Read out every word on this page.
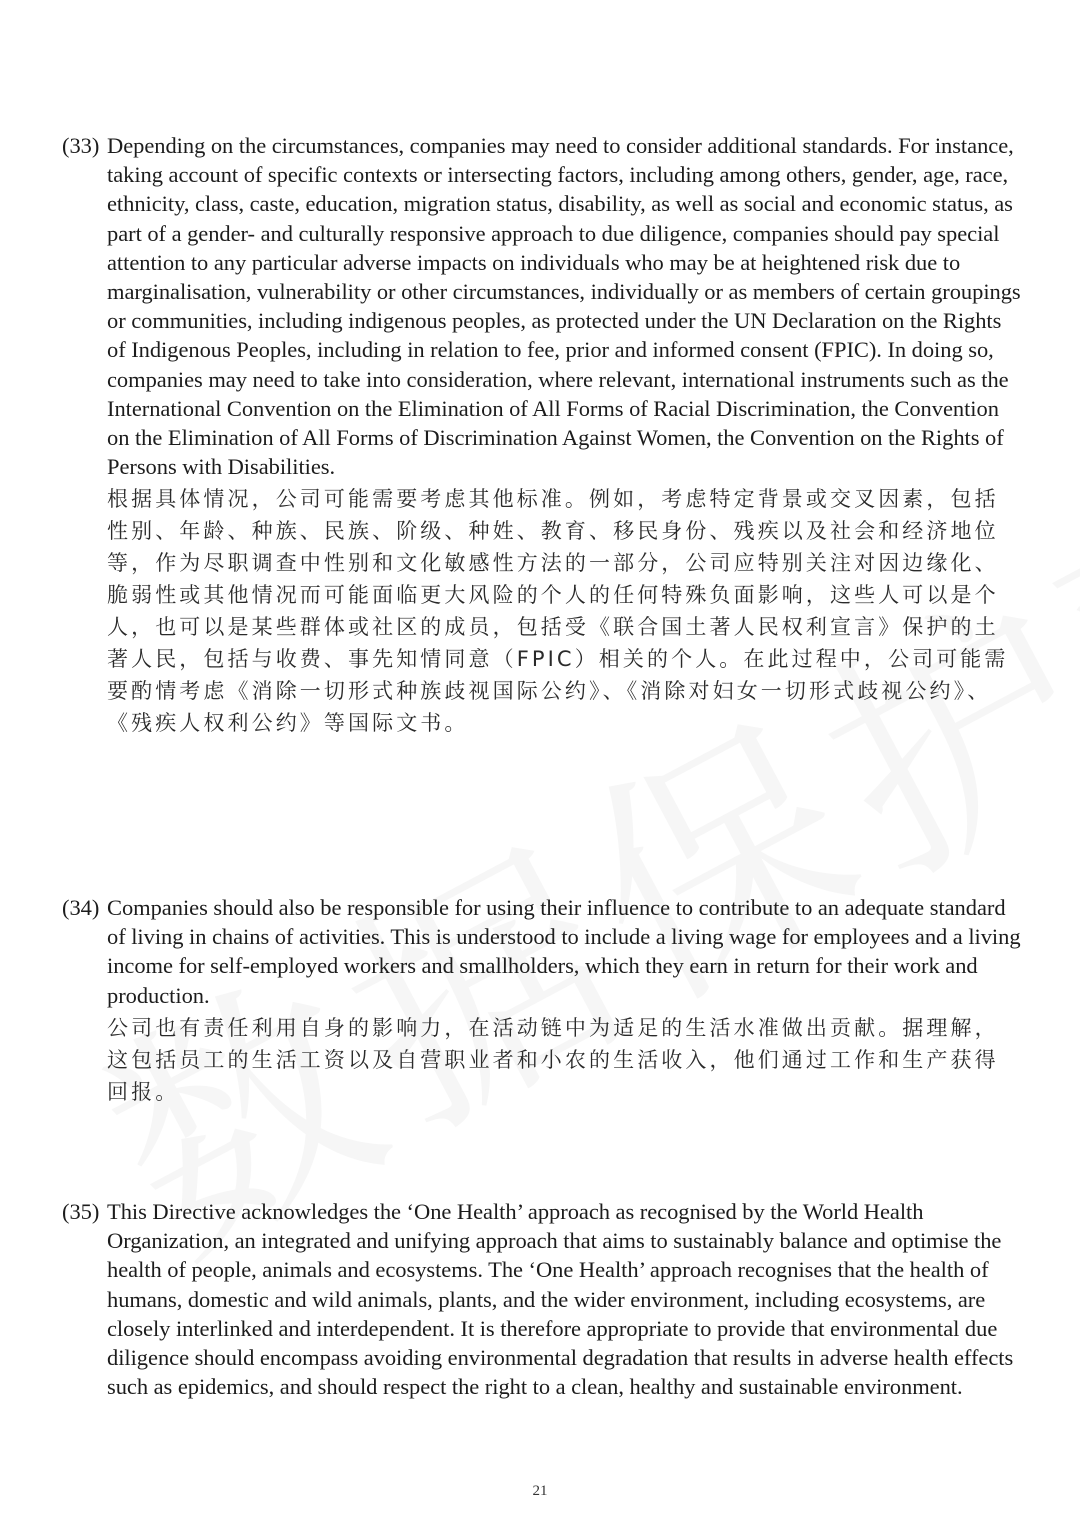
(33) Depending on the circumstances, companies may need to consider additional standards. For instance, taking account of specific contexts or intersecting factors, including among others, gender, age, race, ethnicity, class, caste, education, migration status, disability, as well as social and economic status, as part of a gender- and culturally responsive approach to due diligence, companies should pay special attention to any particular adverse impacts on individuals who may be at heightened risk due to marginalisation, vulnerability or other circumstances, individually or as members of certain groupings or communities, including indigenous peoples, as protected under the UN Declaration on the Rights of Indigenous Peoples, including in relation to fee, prior and informed consent (FPIC). In doing so, companies may need to take into consideration, where relevant, international instruments such as the International Convention on the Elimination of All Forms of Racial Discrimination, the Convention on the Elimination of All Forms of Discrimination Against Women, the Convention on the Rights of Persons with Disabilities.
根据具体情况，公司可能需要考虑其他标准。例如，考虑特定背景或交叉因素，包括性别、年龄、种族、民族、阶级、种姓、教育、移民身份、残疾以及社会和经济地位等，作为尽职调查中性别和文化敏感性方法的一部分，公司应特别关注对因边缘化、脆弱性或其他情况而可能面临更大风险的个人的任何特殊负面影响，这些人可以是个人，也可以是某些群体或社区的成员，包括受《联合国土著人民权利宣言》保护的土著人民，包括与收费、事先知情同意（FPIC）相关的个人。在此过程中，公司可能需要酌情考虑《消除一切形式种族歧视国际公约》、《消除对妇女一切形式歧视公约》、《残疾人权利公约》等国际文书。
(34) Companies should also be responsible for using their influence to contribute to an adequate standard of living in chains of activities. This is understood to include a living wage for employees and a living income for self-employed workers and smallholders, which they earn in return for their work and production.
公司也有责任利用自身的影响力，在活动链中为适足的生活水准做出贡献。据理解，这包括员工的生活工资以及自营职业者和小农的生活收入，他们通过工作和生产获得回报。
(35) This Directive acknowledges the ‘One Health’ approach as recognised by the World Health Organization, an integrated and unifying approach that aims to sustainably balance and optimise the health of people, animals and ecosystems. The ‘One Health’ approach recognises that the health of humans, domestic and wild animals, plants, and the wider environment, including ecosystems, are closely interlinked and interdependent. It is therefore appropriate to provide that environmental due diligence should encompass avoiding environmental degradation that results in adverse health effects such as epidemics, and should respect the right to a clean, healthy and sustainable environment.
21
